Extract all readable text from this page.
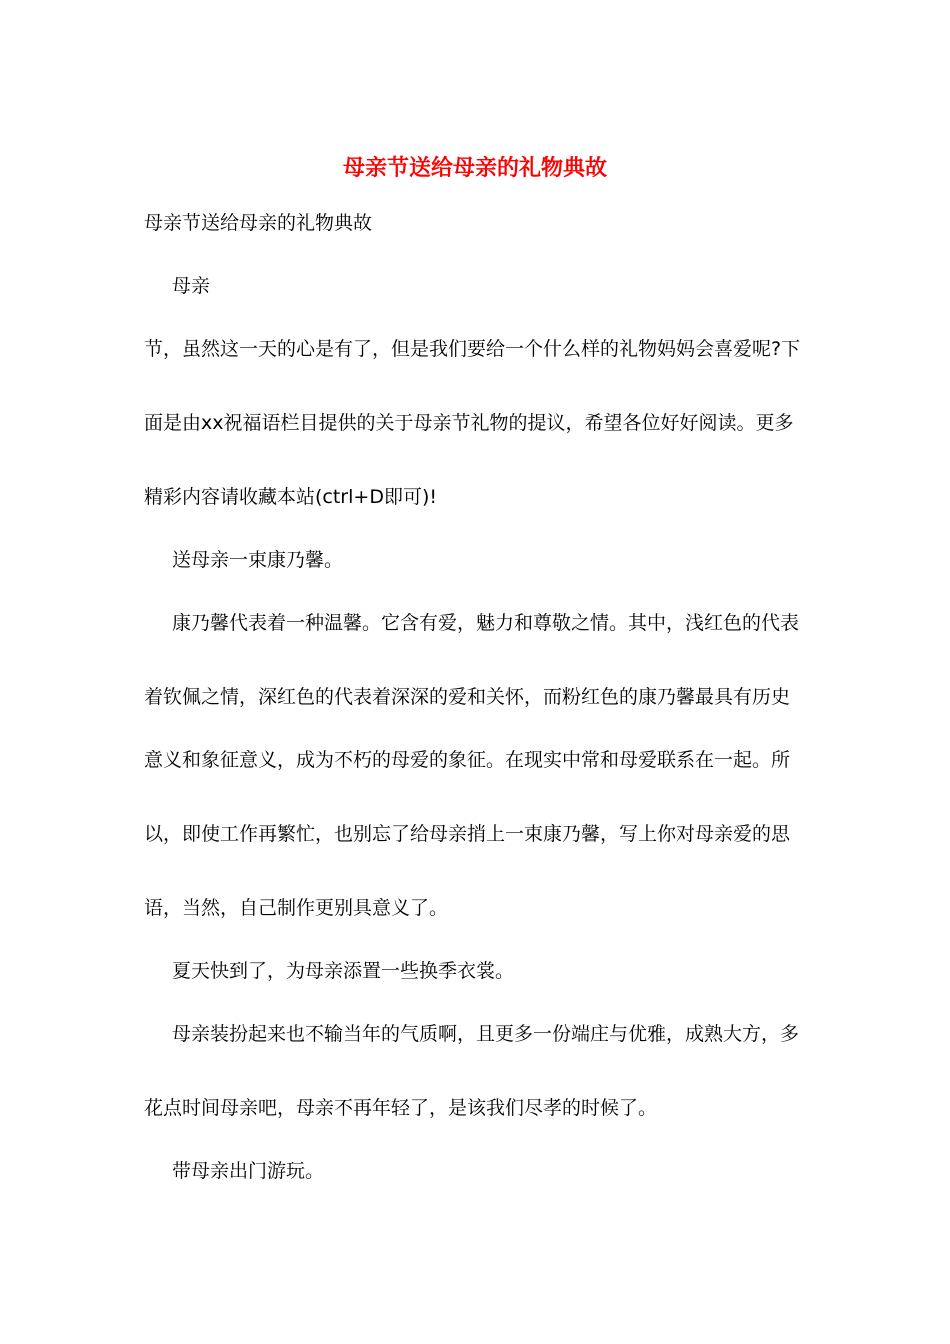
母亲节送给母亲的礼物典故

母亲节送给母亲的礼物典故

母亲

节，虽然这一天的心是有了，但是我们要给一个什么样的礼物妈妈会喜爱呢?下

面是由xx祝福语栏目提供的关于母亲节礼物的提议，希望各位好好阅读。更多

精彩内容请收藏本站(ctrl+D即可)!

送母亲一束康乃馨。

康乃馨代表着一种温馨。它含有爱，魅力和尊敬之情。其中，浅红色的代表

着钦佩之情，深红色的代表着深深的爱和关怀，而粉红色的康乃馨最具有历史

意义和象征意义，成为不朽的母爱的象征。在现实中常和母爱联系在一起。所

以，即使工作再繁忙，也别忘了给母亲捎上一束康乃馨，写上你对母亲爱的思

语，当然，自己制作更别具意义了。

夏天快到了，为母亲添置一些换季衣裳。

母亲装扮起来也不输当年的气质啊，且更多一份端庄与优雅，成熟大方，多

花点时间母亲吧，母亲不再年轻了，是该我们尽孝的时候了。

带母亲出门游玩。
